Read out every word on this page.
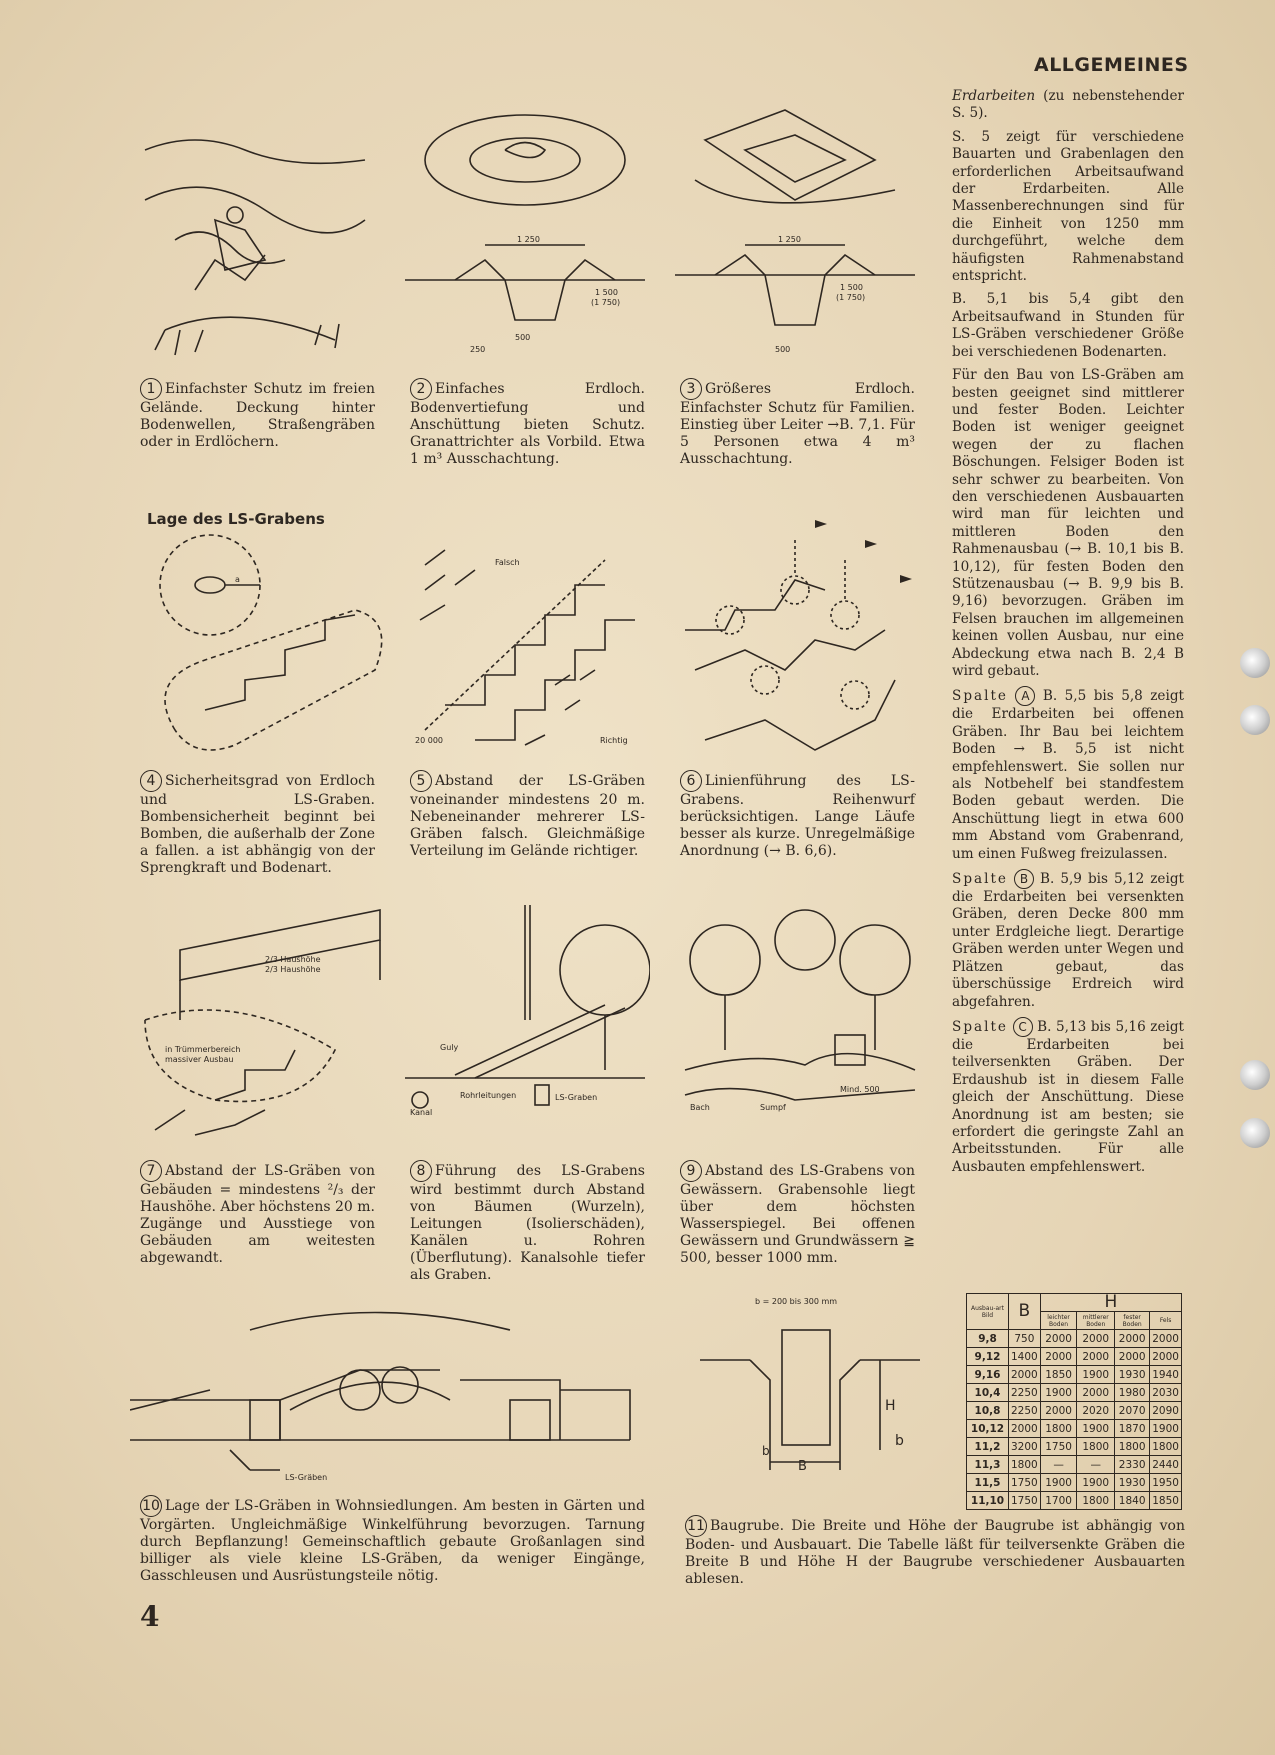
ALLGEMEINES
1 250
1 500
(1 750)
500
250
1 250
1 500
(1 750)
500
1 Einfachster Schutz im freien Gelände. Deckung hinter Bodenwellen, Straßengräben oder in Erdlöchern.
2 Einfaches Erdloch. Bodenvertiefung und Anschüttung bieten Schutz. Granattrichter als Vorbild. Etwa 1 m³ Ausschachtung.
3 Größeres Erdloch. Einfachster Schutz für Familien. Einstieg über Leiter →B. 7,1. Für 5 Personen etwa 4 m³ Ausschachtung.
Lage des LS-Grabens
a
Falsch
20 000	Richtig
4 Sicherheitsgrad von Erdloch und LS-Graben. Bombensicherheit beginnt bei Bomben, die außerhalb der Zone a fallen. a ist abhängig von der Sprengkraft und Bodenart.
5 Abstand der LS-Gräben voneinander mindestens 20 m. Nebeneinander mehrerer LS-Gräben falsch. Gleichmäßige Verteilung im Gelände richtiger.
6 Linienführung des LS-Grabens. Reihenwurf berücksichtigen. Lange Läufe besser als kurze. Unregelmäßige Anordnung (→ B. 6,6).
2/3 Haushöhe
2/3 Haushöhe
in Trümmerbereich
massiver Ausbau
Guly
Kanal
Rohrleitungen	LS-Graben
Bach	Sumpf
Mind. 500
7 Abstand der LS-Gräben von Gebäuden = mindestens ²/₃ der Haushöhe. Aber höchstens 20 m. Zugänge und Ausstiege von Gebäuden am weitesten abgewandt.
8 Führung des LS-Grabens wird bestimmt durch Abstand von Bäumen (Wurzeln), Leitungen (Isolierschäden), Kanälen u. Rohren (Überflutung). Kanalsohle tiefer als Graben.
9 Abstand des LS-Grabens von Gewässern. Grabensohle liegt über dem höchsten Wasserspiegel. Bei offenen Gewässern und Grundwässern ≧ 500, besser 1000 mm.
LS-Gräben
b = 200 bis 300 mm
H
b
b
B
10 Lage der LS-Gräben in Wohnsiedlungen. Am besten in Gärten und Vorgärten. Ungleichmäßige Winkelführung bevorzugen. Tarnung durch Bepflanzung! Gemeinschaftlich gebaute Großanlagen sind billiger als viele kleine LS-Gräben, da weniger Eingänge, Gasschleusen und Ausrüstungsteile nötig.
11 Baugrube. Die Breite und Höhe der Baugrube ist abhängig von Boden- und Ausbauart. Die Tabelle läßt für teilversenkte Gräben die Breite B und Höhe H der Baugrube verschiedener Ausbauarten ablesen.

Erdarbeiten (zu nebenstehender S. 5).

S. 5 zeigt für verschiedene Bauarten und Grabenlagen den erforderlichen Arbeitsaufwand der Erdarbeiten. Alle Massenberechnungen sind für die Einheit von 1250 mm durchgeführt, welche dem häufigsten Rahmenabstand entspricht.

B. 5,1 bis 5,4 gibt den Arbeitsaufwand in Stunden für LS-Gräben verschiedener Größe bei verschiedenen Bodenarten.

Für den Bau von LS-Gräben am besten geeignet sind mittlerer und fester Boden. Leichter Boden ist weniger geeignet wegen der zu flachen Böschungen. Felsiger Boden ist sehr schwer zu bearbeiten. Von den verschiedenen Ausbauarten wird man für leichten und mittleren Boden den Rahmenausbau (→ B. 10,1 bis B. 10,12), für festen Boden den Stützenausbau (→ B. 9,9 bis B. 9,16) bevorzugen. Gräben im Felsen brauchen im allgemeinen keinen vollen Ausbau, nur eine Abdeckung etwa nach B. 2,4 B wird gebaut.

Spalte A B. 5,5 bis 5,8 zeigt die Erdarbeiten bei offenen Gräben. Ihr Bau bei leichtem Boden → B. 5,5 ist nicht empfehlenswert. Sie sollen nur als Notbehelf bei standfestem Boden gebaut werden. Die Anschüttung liegt in etwa 600 mm Abstand vom Grabenrand, um einen Fußweg freizulassen.

Spalte B B. 5,9 bis 5,12 zeigt die Erdarbeiten bei versenkten Gräben, deren Decke 800 mm unter Erdgleiche liegt. Derartige Gräben werden unter Wegen und Plätzen gebaut, das überschüssige Erdreich wird abgefahren.

Spalte C B. 5,13 bis 5,16 zeigt die Erdarbeiten bei teilversenkten Gräben. Der Erdaushub ist in diesem Falle gleich der Anschüttung. Diese Anordnung ist am besten; sie erfordert die geringste Zahl an Arbeitsstunden. Für alle Ausbauten empfehlenswert.

Ausbau-art Bild	B	H			
		leichter Boden	mittlerer Boden	fester Boden	Fels
9,8	750	2000	2000	2000	2000
9,12	1400	2000	2000	2000	2000
9,16	2000	1850	1900	1930	1940
10,4	2250	1900	2000	1980	2030
10,8	2250	2000	2020	2070	2090
10,12	2000	1800	1900	1870	1900
11,2	3200	1750	1800	1800	1800
11,3	1800	—	—	2330	2440
11,5	1750	1900	1900	1930	1950
11,10	1750	1700	1800	1840	1850
4
